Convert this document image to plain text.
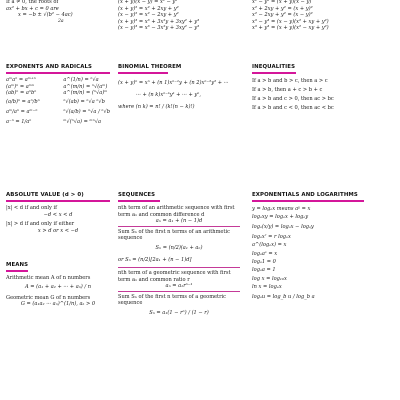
If a ≠ 0, the roots of
ax² + bx + c = 0 are
x = −b ± √(b² − 4ac)
2a
EXPONENTS AND RADICALS
aᵐaⁿ = aᵐ⁺ⁿ
(aᵐ)ⁿ = aᵐⁿ
(ab)ⁿ = aⁿbⁿ
(a/b)ⁿ = aⁿ/bⁿ
aᵐ/aⁿ = aᵐ⁻ⁿ
a⁻ⁿ = 1/aⁿ
a^(1/n) = ⁿ√a
a^(m/n) = ⁿ√(aᵐ)
a^(m/n) = (ⁿ√a)ᵐ
ⁿ√(ab) = ⁿ√a ⁿ√b
ⁿ√(a/b) = ⁿ√a / ⁿ√b
ᵐ√(ⁿ√a) = ᵐⁿ√a
ABSOLUTE VALUE (d > 0)
|x| < d if and only if
−d < x < d
|x| > d if and only if either
x > d or x < −d
MEANS
Arithmetic mean A of n numbers
A = (a₁ + a₂ + ··· + aₙ) / n
Geometric mean G of n numbers
G = (a₁a₂ ··· aₙ)^(1/n), aₖ > 0
(x + y)(x − y) = x² − y²
(x + y)² = x² + 2xy + y²
(x − y)² = x² − 2xy + y²
(x + y)³ = x³ + 3x²y + 3xy² + y³
(x − y)³ = x³ − 3x²y + 3xy² − y³
BINOMIAL THEOREM
(x + y)ⁿ = xⁿ + (n 1)xⁿ⁻¹y + (n 2)xⁿ⁻²y² + ···
··· + (n k)xⁿ⁻ᵏyᵏ + ··· + yⁿ,
where (n k) = n! / (k!(n − k)!)
SEQUENCES
nth term of an arithmetic sequence with first
term a₁ and common difference d
aₙ = a₁ + (n − 1)d
Sum Sₙ of the first n terms of an arithmetic
sequence
Sₙ = (n/2)(a₁ + aₙ)
or Sₙ = (n/2)[2a₁ + (n − 1)d]
nth term of a geometric sequence with first
term a₁ and common ratio r
aₙ = a₁rⁿ⁻¹
Sum Sₙ of the first n terms of a geometric
sequence
Sₙ = a₁(1 − rⁿ) / (1 − r)
x² − y² = (x + y)(x − y)
x² + 2xy + y² = (x + y)²
x² − 2xy + y² = (x − y)²
x³ − y³ = (x − y)(x² + xy + y²)
x³ + y³ = (x + y)(x² − xy + y²)
INEQUALITIES
If a > b and b > c, then a > c
If a > b, then a + c > b + c
If a > b and c > 0, then ac > bc
If a > b and c < 0, then ac < bc
EXPONENTIALS AND LOGARITHMS
y = logₐx means aʸ = x
logₐxy = logₐx + logₐy
logₐ(x/y) = logₐx − logₐy
logₐxʳ = r logₐx
a^(logₐx) = x
logₐaˣ = x
logₐ1 = 0
logₐa = 1
log x = log₁₀x
ln x = logₑx
logₐu = log_b u / log_b a
